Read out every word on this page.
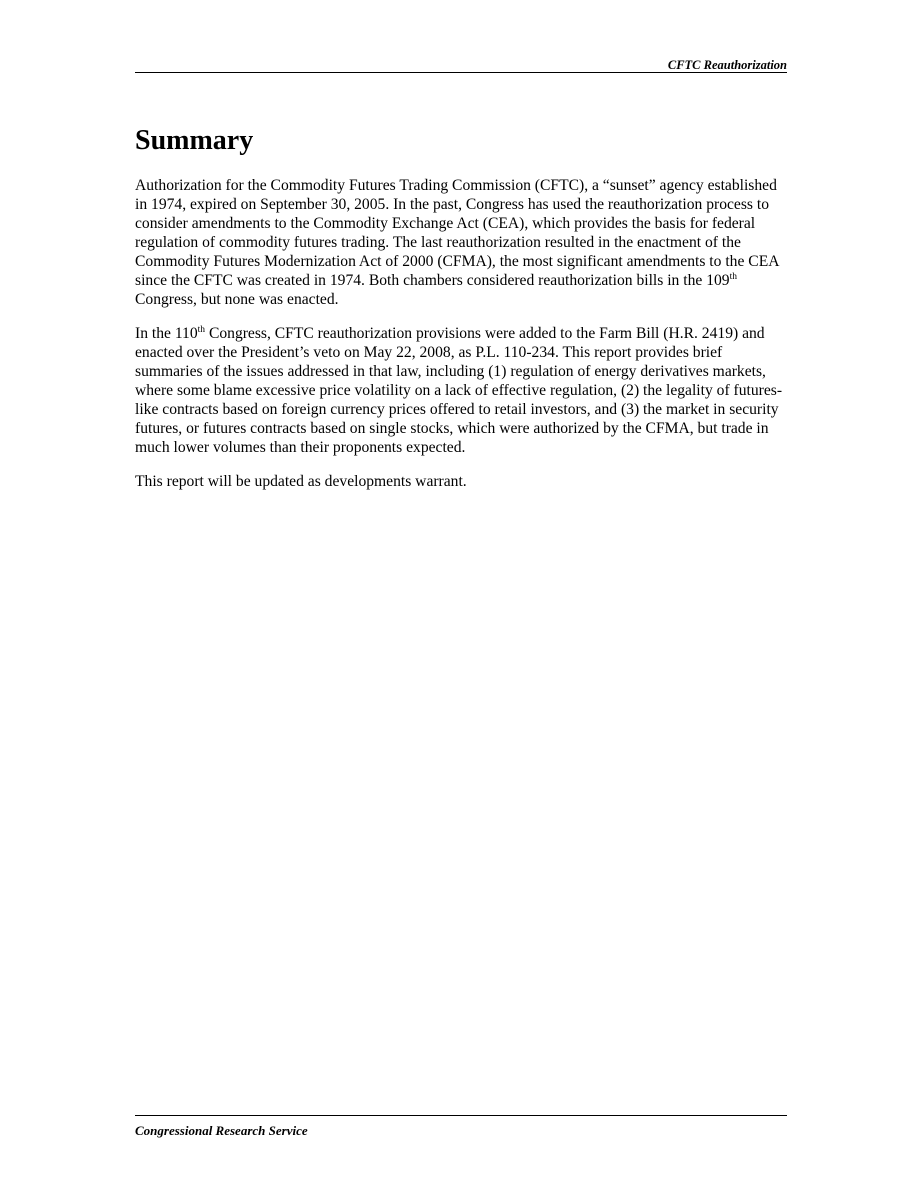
CFTC Reauthorization
Summary

Authorization for the Commodity Futures Trading Commission (CFTC), a “sunset” agency established in 1974, expired on September 30, 2005. In the past, Congress has used the reauthorization process to consider amendments to the Commodity Exchange Act (CEA), which provides the basis for federal regulation of commodity futures trading. The last reauthorization resulted in the enactment of the Commodity Futures Modernization Act of 2000 (CFMA), the most significant amendments to the CEA since the CFTC was created in 1974. Both chambers considered reauthorization bills in the 109th Congress, but none was enacted.

In the 110th Congress, CFTC reauthorization provisions were added to the Farm Bill (H.R. 2419) and enacted over the President’s veto on May 22, 2008, as P.L. 110-234. This report provides brief summaries of the issues addressed in that law, including (1) regulation of energy derivatives markets, where some blame excessive price volatility on a lack of effective regulation, (2) the legality of futures-like contracts based on foreign currency prices offered to retail investors, and (3) the market in security futures, or futures contracts based on single stocks, which were authorized by the CFMA, but trade in much lower volumes than their proponents expected.

This report will be updated as developments warrant.

Congressional Research Service
